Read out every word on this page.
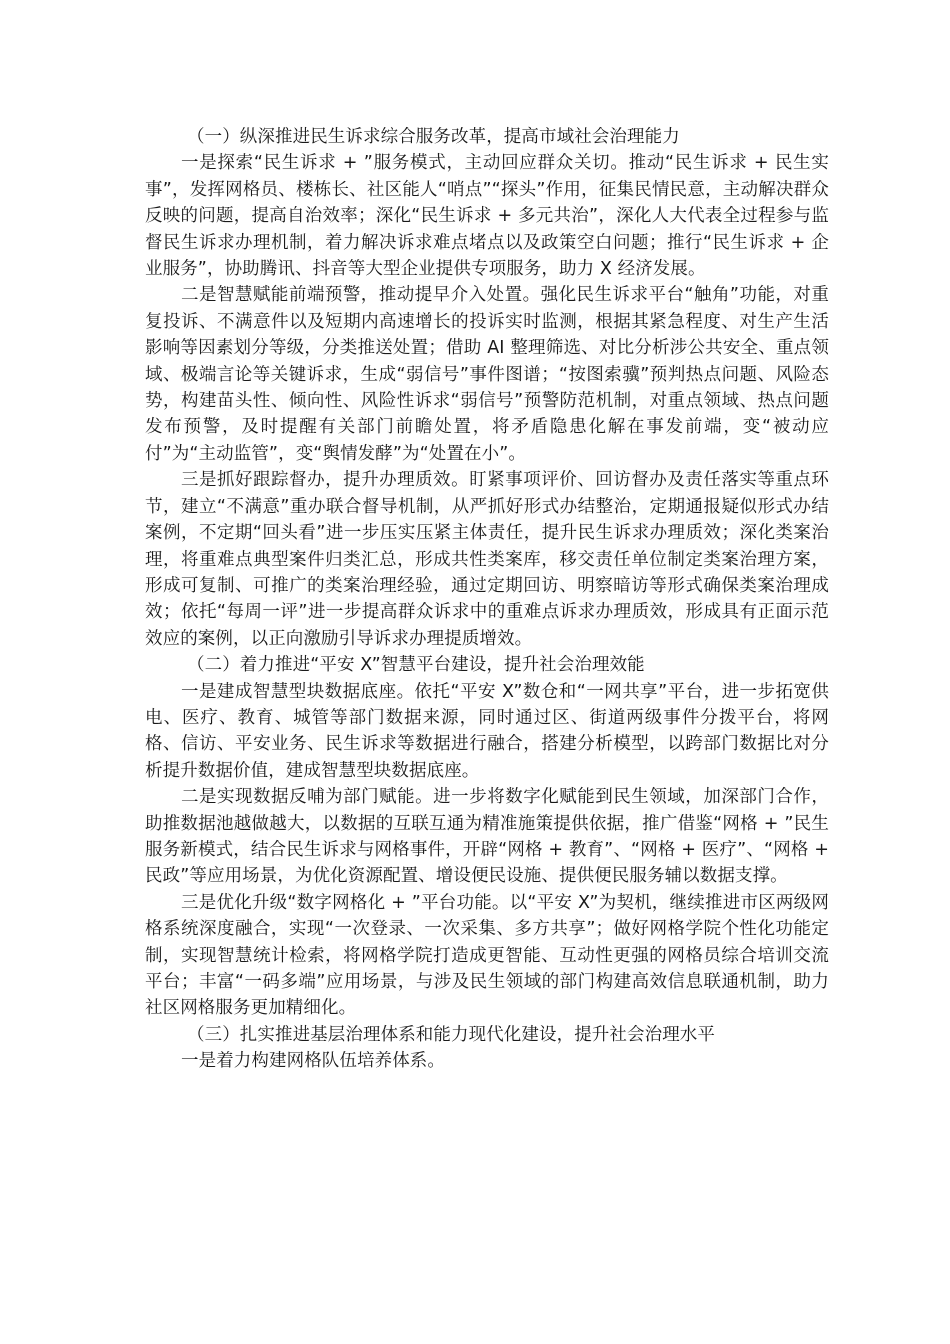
（一）纵深推进民生诉求综合服务改革，提高市域社会治理能力

一是探索“民生诉求 + ”服务模式，主动回应群众关切。推动“民生诉求 + 民生实事”，发挥网格员、楼栋长、社区能人“哨点”“探头”作用，征集民情民意，主动解决群众反映的问题，提高自治效率；深化“民生诉求 + 多元共治”，深化人大代表全过程参与监督民生诉求办理机制，着力解决诉求难点堵点以及政策空白问题；推行“民生诉求 + 企业服务”，协助腾讯、抖音等大型企业提供专项服务，助力 X 经济发展。

二是智慧赋能前端预警，推动提早介入处置。强化民生诉求平台“触角”功能，对重复投诉、不满意件以及短期内高速增长的投诉实时监测，根据其紧急程度、对生产生活影响等因素划分等级，分类推送处置；借助 AI 整理筛选、对比分析涉公共安全、重点领域、极端言论等关键诉求，生成“弱信号”事件图谱；“按图索骥”预判热点问题、风险态势，构建苗头性、倾向性、风险性诉求“弱信号”预警防范机制，对重点领域、热点问题发布预警，及时提醒有关部门前瞻处置，将矛盾隐患化解在事发前端，变“被动应付”为“主动监管”，变“舆情发酵”为“处置在小”。

三是抓好跟踪督办，提升办理质效。盯紧事项评价、回访督办及责任落实等重点环节，建立“不满意”重办联合督导机制，从严抓好形式办结整治，定期通报疑似形式办结案例，不定期“回头看”进一步压实压紧主体责任，提升民生诉求办理质效；深化类案治理，将重难点典型案件归类汇总，形成共性类案库，移交责任单位制定类案治理方案，形成可复制、可推广的类案治理经验，通过定期回访、明察暗访等形式确保类案治理成效；依托“每周一评”进一步提高群众诉求中的重难点诉求办理质效，形成具有正面示范效应的案例，以正向激励引导诉求办理提质增效。

（二）着力推进“平安 X”智慧平台建设，提升社会治理效能

一是建成智慧型块数据底座。依托“平安 X”数仓和“一网共享”平台，进一步拓宽供电、医疗、教育、城管等部门数据来源，同时通过区、街道两级事件分拨平台，将网格、信访、平安业务、民生诉求等数据进行融合，搭建分析模型，以跨部门数据比对分析提升数据价值，建成智慧型块数据底座。

二是实现数据反哺为部门赋能。进一步将数字化赋能到民生领域，加深部门合作，助推数据池越做越大，以数据的互联互通为精准施策提供依据，推广借鉴“网格 + ”民生服务新模式，结合民生诉求与网格事件，开辟“网格 + 教育”、“网格 + 医疗”、“网格 + 民政”等应用场景，为优化资源配置、增设便民设施、提供便民服务辅以数据支撑。

三是优化升级“数字网格化 + ”平台功能。以“平安 X”为契机，继续推进市区两级网格系统深度融合，实现“一次登录、一次采集、多方共享”；做好网格学院个性化功能定制，实现智慧统计检索，将网格学院打造成更智能、互动性更强的网格员综合培训交流平台；丰富“一码多端”应用场景，与涉及民生领域的部门构建高效信息联通机制，助力社区网格服务更加精细化。

（三）扎实推进基层治理体系和能力现代化建设，提升社会治理水平

一是着力构建网格队伍培养体系。
